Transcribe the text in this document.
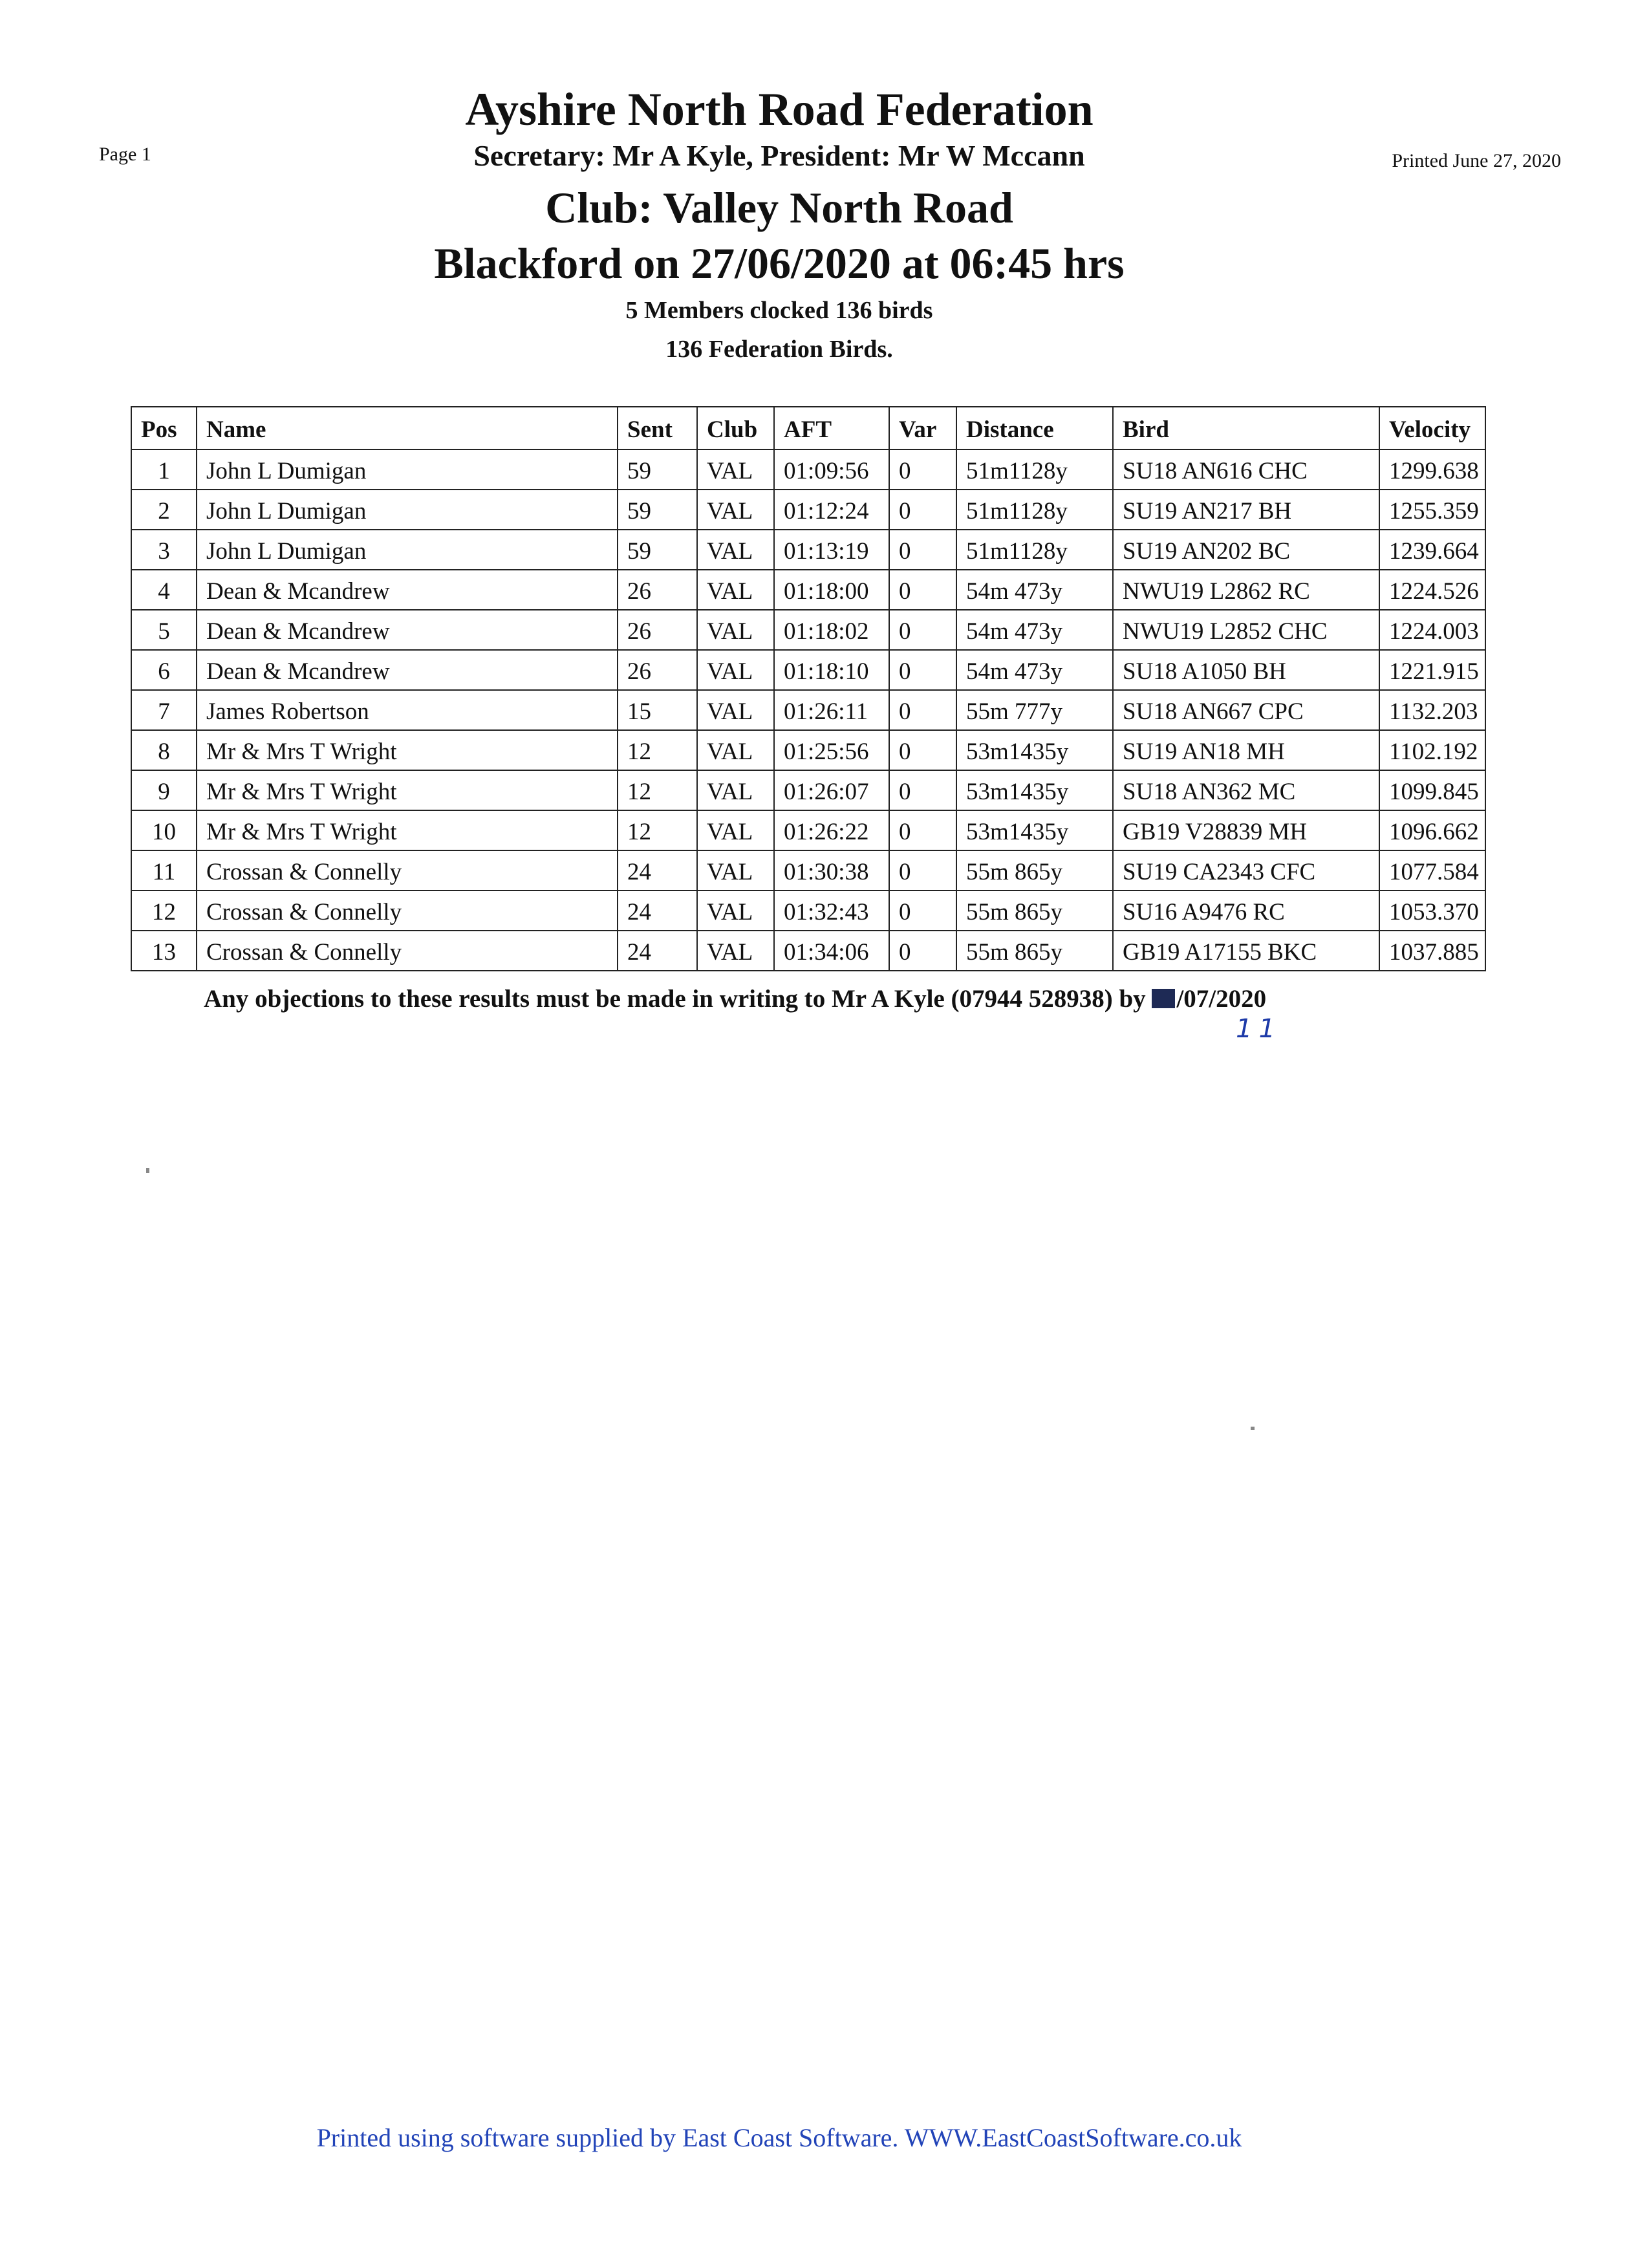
Page 1	Printed June 27, 2020
Ayshire North Road Federation
Secretary: Mr A Kyle, President: Mr W Mccann
Club: Valley North Road
Blackford on 27/06/2020 at 06:45 hrs
5 Members clocked 136 birds
136 Federation Birds.
Pos	Name	Sent	Club	AFT	Var	Distance	Bird	Velocity
1	John L Dumigan	59	VAL	01:09:56	0	51m1128y	SU18 AN616 CHC	1299.638
2	John L Dumigan	59	VAL	01:12:24	0	51m1128y	SU19 AN217 BH	1255.359
3	John L Dumigan	59	VAL	01:13:19	0	51m1128y	SU19 AN202 BC	1239.664
4	Dean & Mcandrew	26	VAL	01:18:00	0	54m 473y	NWU19 L2862 RC	1224.526
5	Dean & Mcandrew	26	VAL	01:18:02	0	54m 473y	NWU19 L2852 CHC	1224.003
6	Dean & Mcandrew	26	VAL	01:18:10	0	54m 473y	SU18 A1050 BH	1221.915
7	James Robertson	15	VAL	01:26:11	0	55m 777y	SU18 AN667 CPC	1132.203
8	Mr & Mrs T Wright	12	VAL	01:25:56	0	53m1435y	SU19 AN18 MH	1102.192
9	Mr & Mrs T Wright	12	VAL	01:26:07	0	53m1435y	SU18 AN362 MC	1099.845
10	Mr & Mrs T Wright	12	VAL	01:26:22	0	53m1435y	GB19 V28839 MH	1096.662
11	Crossan & Connelly	24	VAL	01:30:38	0	55m 865y	SU19 CA2343 CFC	1077.584
12	Crossan & Connelly	24	VAL	01:32:43	0	55m 865y	SU16 A9476 RC	1053.370
13	Crossan & Connelly	24	VAL	01:34:06	0	55m 865y	GB19 A17155 BKC	1037.885
Any objections to these results must be made in writing to Mr A Kyle (07944 528938) by /07/2020
11
Printed using software supplied by East Coast Software. WWW.EastCoastSoftware.co.uk
